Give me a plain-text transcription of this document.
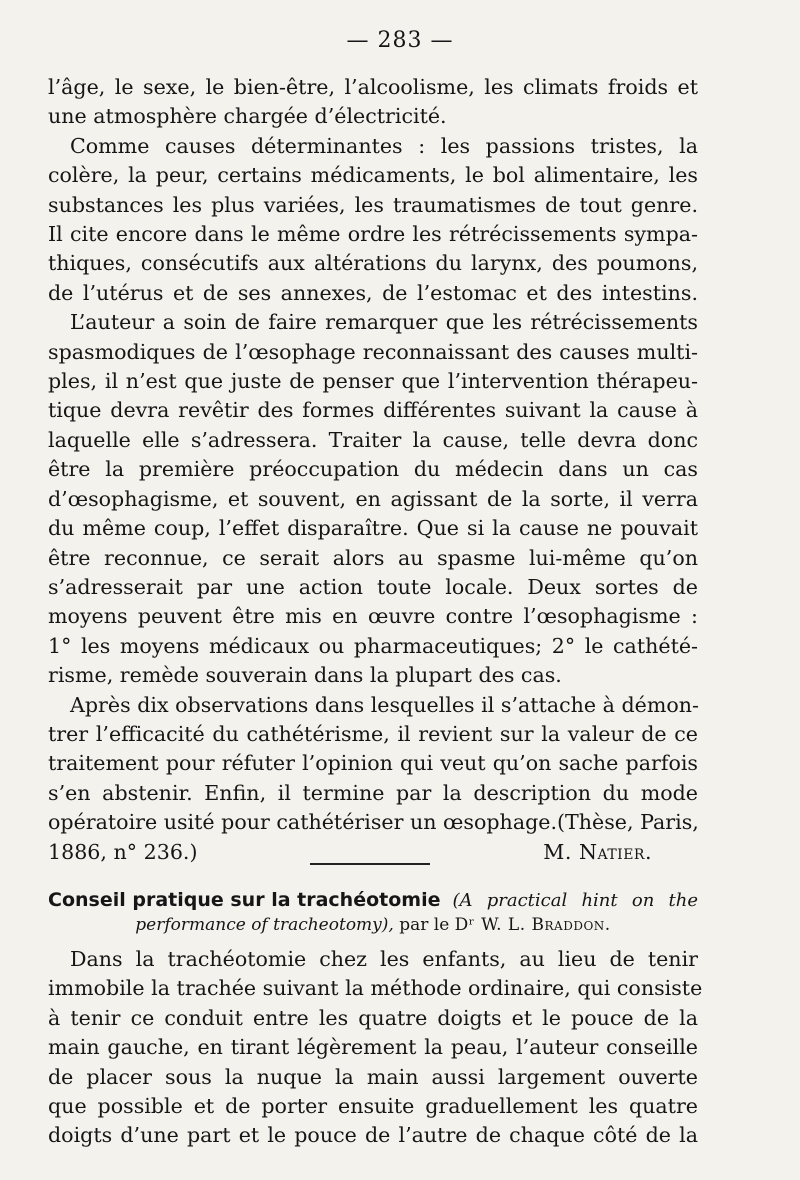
— 283 —
l’âge, le sexe, le bien-être, l’alcoolisme, les climats froids et
une atmosphère chargée d’électricité.
Comme causes déterminantes : les passions tristes, la
colère, la peur, certains médicaments, le bol alimentaire, les
substances les plus variées, les traumatismes de tout genre.
Il cite encore dans le même ordre les rétrécissements sympa-
thiques, consécutifs aux altérations du larynx, des poumons,
de l’utérus et de ses annexes, de l’estomac et des intestins.
L’auteur a soin de faire remarquer que les rétrécissements
spasmodiques de l’œsophage reconnaissant des causes multi-
ples, il n’est que juste de penser que l’intervention thérapeu-
tique devra revêtir des formes différentes suivant la cause à
laquelle elle s’adressera. Traiter la cause, telle devra donc
être la première préoccupation du médecin dans un cas
d’œsophagisme, et souvent, en agissant de la sorte, il verra
du même coup, l’effet disparaître. Que si la cause ne pouvait
être reconnue, ce serait alors au spasme lui-même qu’on
s’adresserait par une action toute locale. Deux sortes de
moyens peuvent être mis en œuvre contre l’œsophagisme :
1° les moyens médicaux ou pharmaceutiques; 2° le cathété-
risme, remède souverain dans la plupart des cas.
Après dix observations dans lesquelles il s’attache à démon-
trer l’efficacité du cathétérisme, il revient sur la valeur de ce
traitement pour réfuter l’opinion qui veut qu’on sache parfois
s’en abstenir. Enfin, il termine par la description du mode
opératoire usité pour cathétériser un œsophage.(Thèse, Paris,
1886, n° 236.)	M. Natier.
Conseil pratique sur la trachéotomie (A practical hint on the
performance of tracheotomy), par le Dʳ W. L. Braddon.
Dans la trachéotomie chez les enfants, au lieu de tenir
immobile la trachée suivant la méthode ordinaire, qui consiste
à tenir ce conduit entre les quatre doigts et le pouce de la
main gauche, en tirant légèrement la peau, l’auteur conseille
de placer sous la nuque la main aussi largement ouverte
que possible et de porter ensuite graduellement les quatre
doigts d’une part et le pouce de l’autre de chaque côté de la
